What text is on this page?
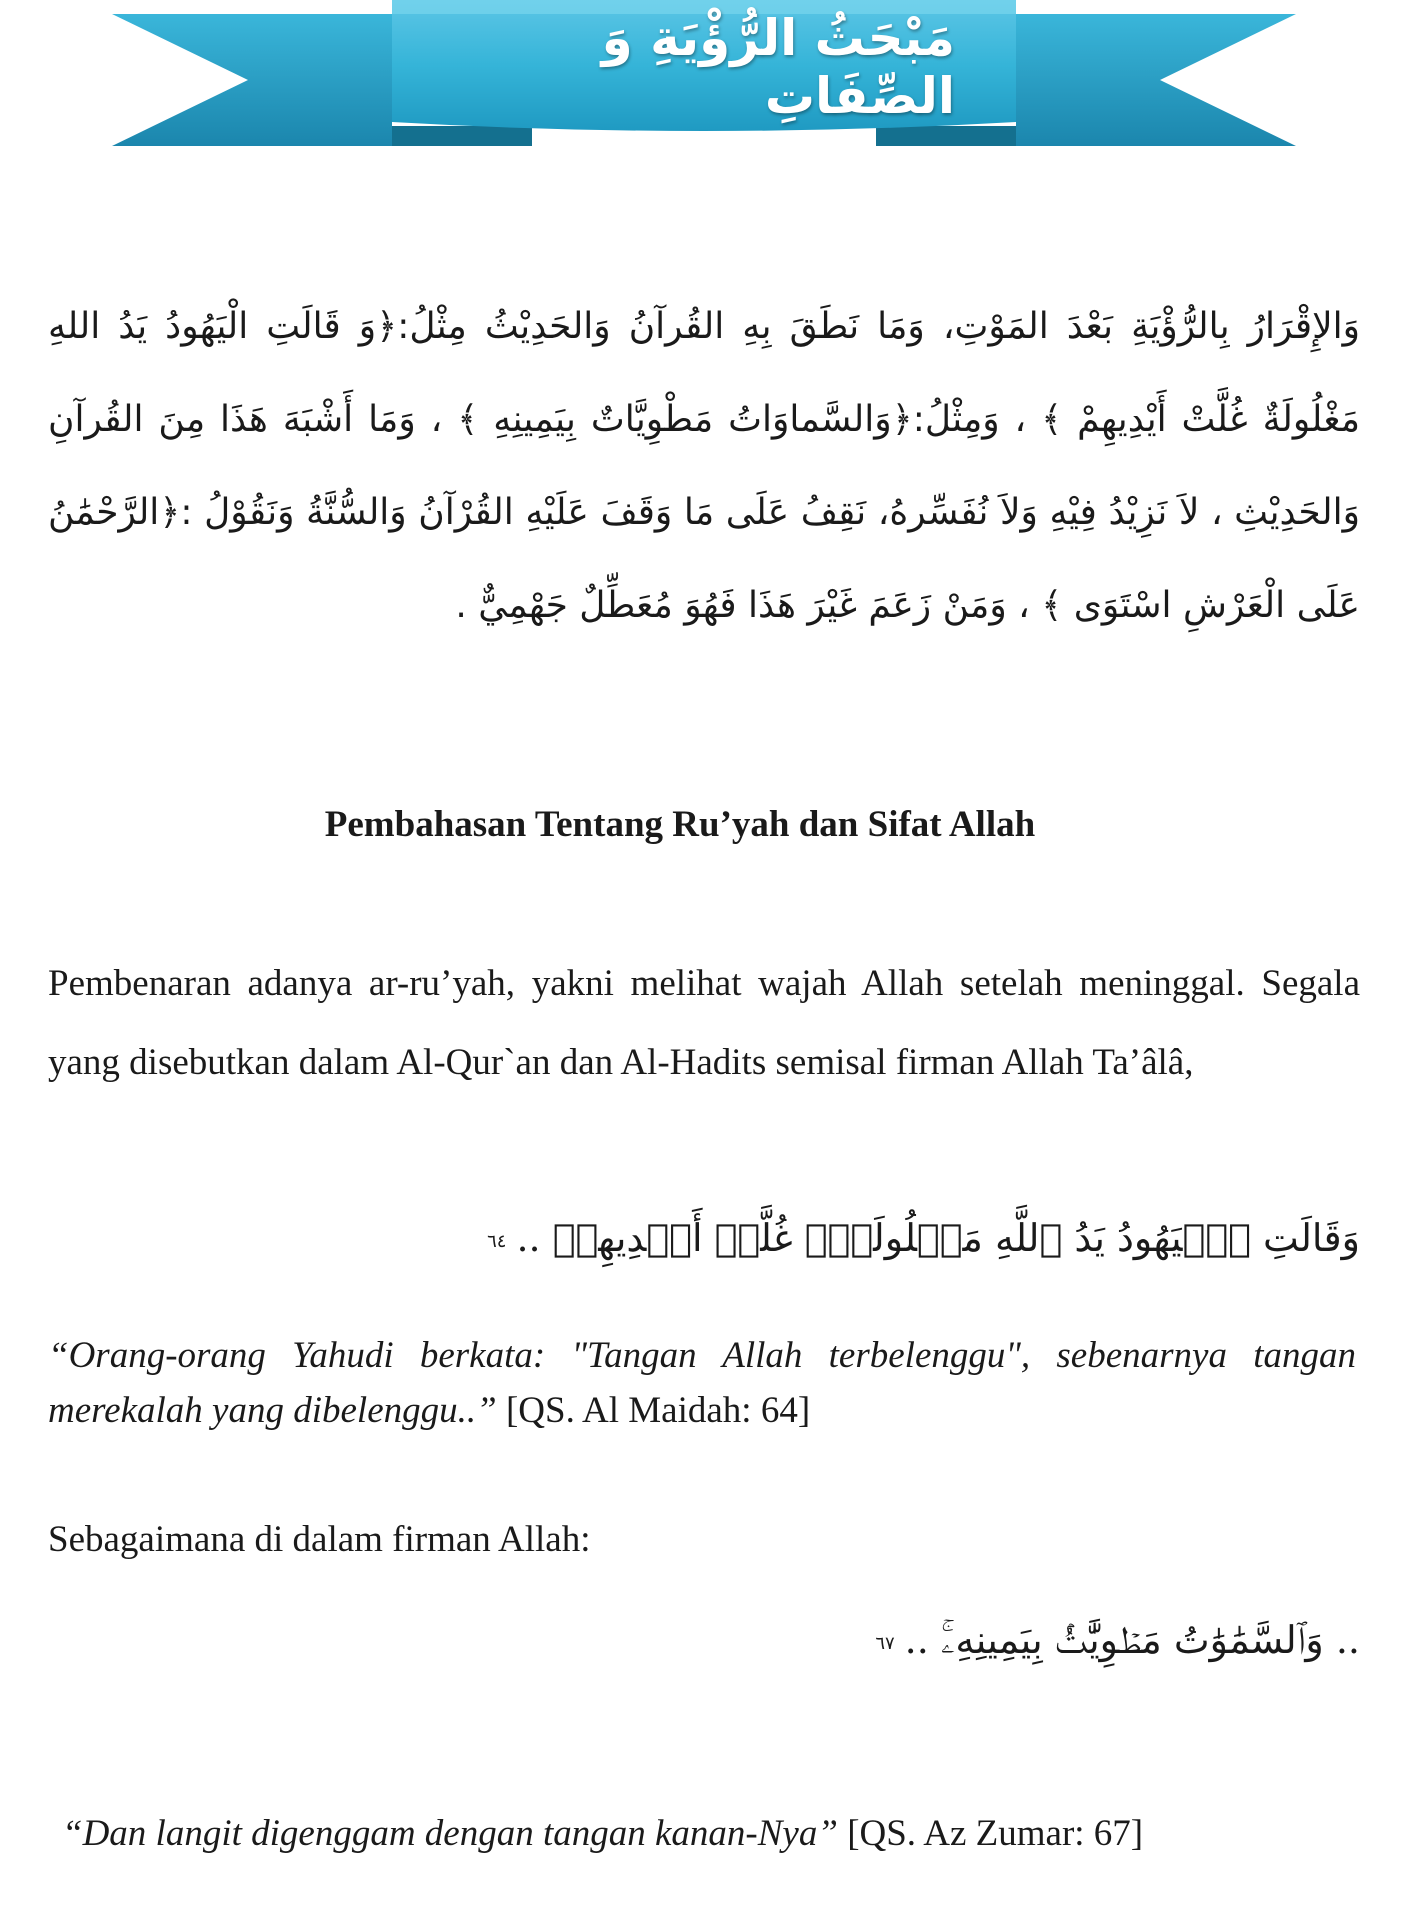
مَبْحَثُ الرُّؤْيَةِ وَ الصِّفَاتِ
وَالإِقْرَارُ بِالرُّؤْيَةِ بَعْدَ المَوْتِ، وَمَا نَطَقَ بِهِ القُرآنُ وَالحَدِيْثُ مِثْلُ:﴿وَ قَالَتِ الْيَهُودُ يَدُ اللهِ مَغْلُولَةٌ غُلَّتْ أَيْدِيهِمْ ﴾ ، وَمِثْلُ:﴿وَالسَّماوَاتُ مَطْوِيَّاتٌ بِيَمِينِهِ ﴾ ، وَمَا أَشْبَهَ هَذَا مِنَ القُرآنِ وَالحَدِيْثِ ، لاَ نَزِيْدُ فِيْهِ وَلاَ نُفَسِّرهُ، نَقِفُ عَلَى مَا وَقَفَ عَلَيْهِ القُرْآنُ وَالسُّنَّةُ وَنَقُوْلُ :﴿الرَّحْمَٰنُ عَلَى الْعَرْشِ اسْتَوَى ﴾ ، وَمَنْ زَعَمَ غَيْرَ هَذَا فَهُوَ مُعَطِّلٌ جَهْمِيٌّ .
Pembahasan Tentang Ru’yah dan Sifat Allah
Pembenaran adanya ar-ru’yah, yakni melihat wajah Allah setelah meninggal. Segala yang disebutkan dalam Al-Qur`an dan Al-Hadits semisal firman Allah Ta’âlâ,
وَقَالَتِ ٱلۡيَهُودُ يَدُ ٱللَّهِ مَغۡلُولَةٌۚ غُلَّتۡ أَيۡدِيهِمۡ ..٦٤
“Orang-orang Yahudi berkata: "Tangan Allah terbelenggu", sebenarnya tangan merekalah yang dibelenggu..” [QS. Al Maidah: 64]
Sebagaimana di dalam firman Allah:
.. وَٱلسَّمَٰوَٰتُ مَطۡوِيَّٰتُۢ بِيَمِينِهِۦۚ ..٦٧
“Dan langit digenggam dengan tangan kanan-Nya” [QS. Az Zumar: 67]
